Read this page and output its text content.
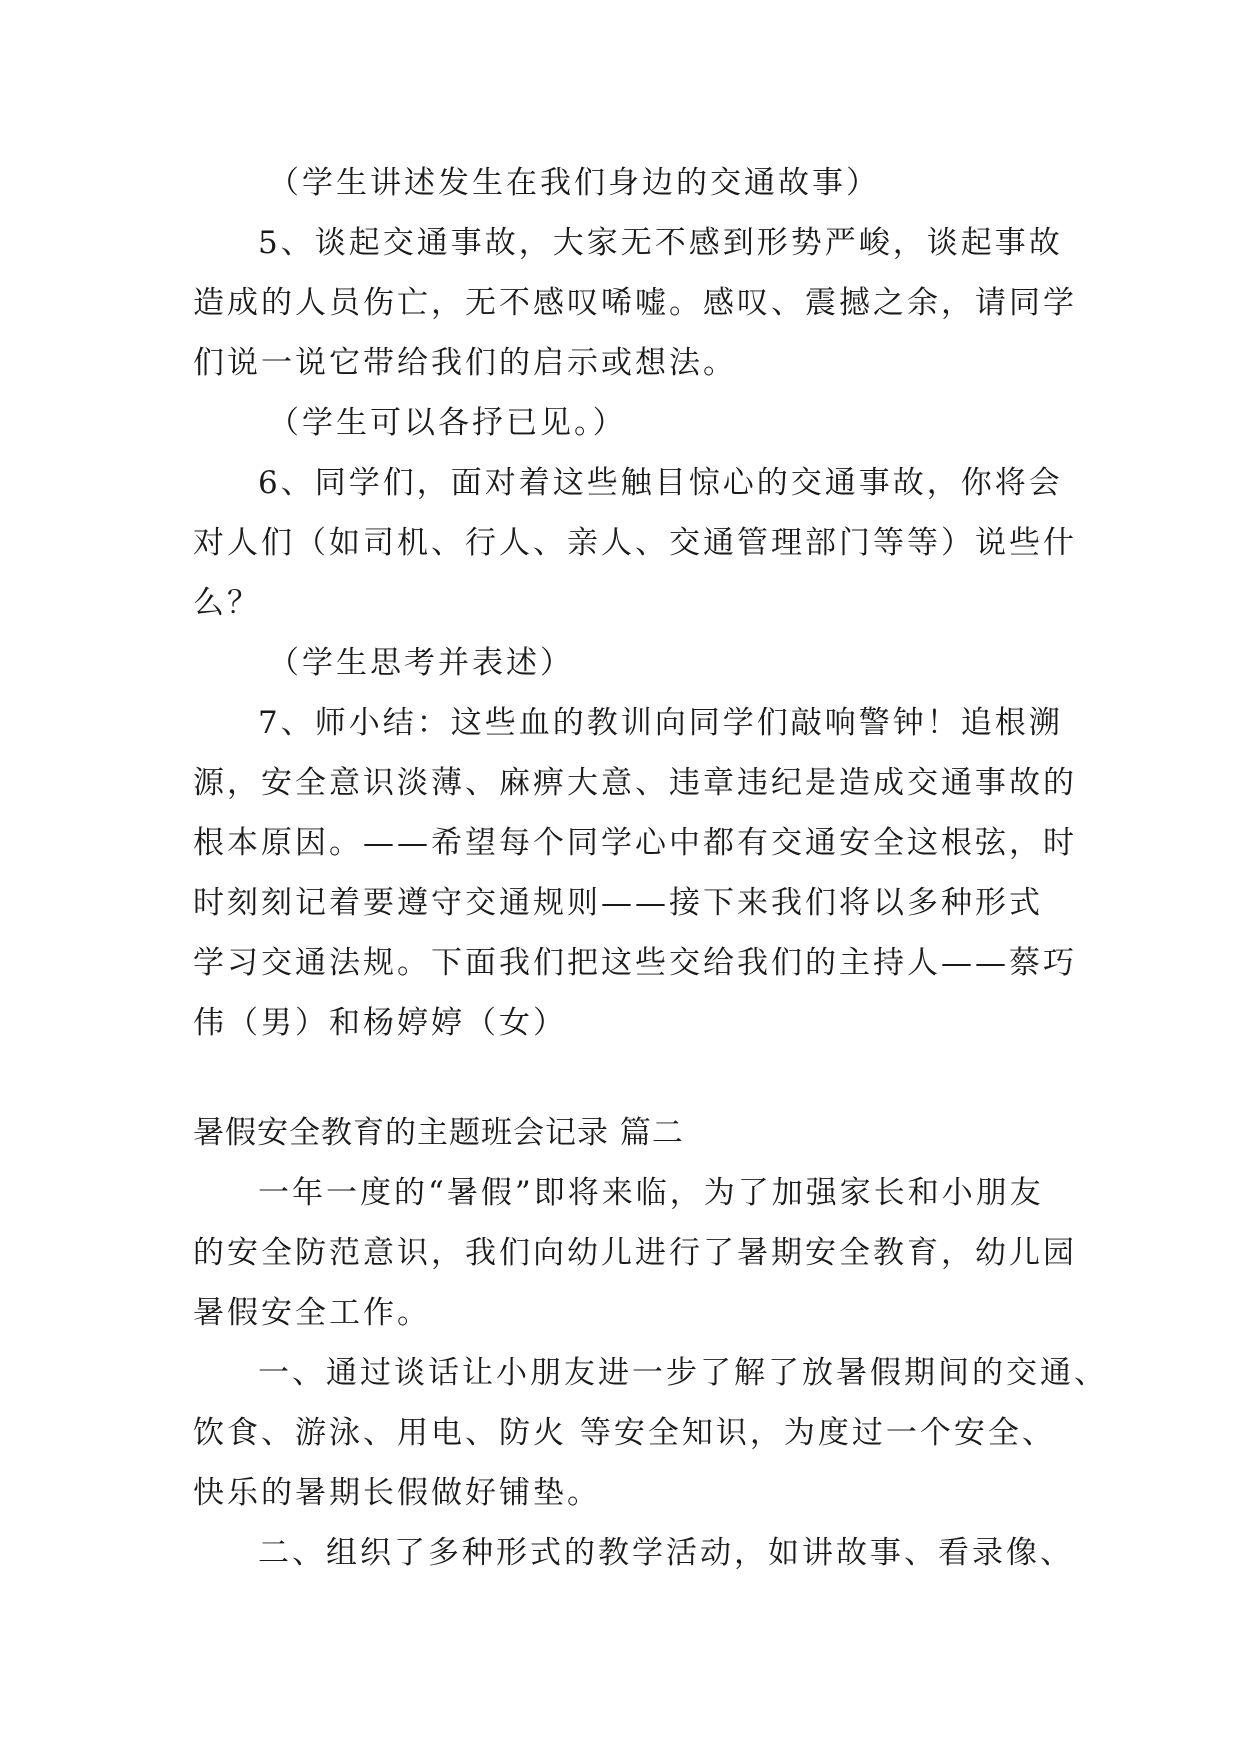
（学生讲述发生在我们身边的交通故事）
5、谈起交通事故，大家无不感到形势严峻，谈起事故
造成的人员伤亡，无不感叹唏嘘。感叹、震撼之余，请同学
们说一说它带给我们的启示或想法。
（学生可以各抒已见。）
6、同学们，面对着这些触目惊心的交通事故，你将会
对人们（如司机、行人、亲人、交通管理部门等等）说些什
么？
（学生思考并表述）
7、师小结：这些血的教训向同学们敲响警钟！追根溯
源，安全意识淡薄、麻痹大意、违章违纪是造成交通事故的
根本原因。——希望每个同学心中都有交通安全这根弦，时
时刻刻记着要遵守交通规则——接下来我们将以多种形式
学习交通法规。下面我们把这些交给我们的主持人——蔡巧
伟（男）和杨婷婷（女）
暑假安全教育的主题班会记录 篇二
一年一度的“暑假”即将来临，为了加强家长和小朋友
的安全防范意识，我们向幼儿进行了暑期安全教育，幼儿园
暑假安全工作。
一、通过谈话让小朋友进一步了解了放暑假期间的交通、
饮食、游泳、用电、防火 等安全知识，为度过一个安全、
快乐的暑期长假做好铺垫。
二、组织了多种形式的教学活动，如讲故事、看录像、
